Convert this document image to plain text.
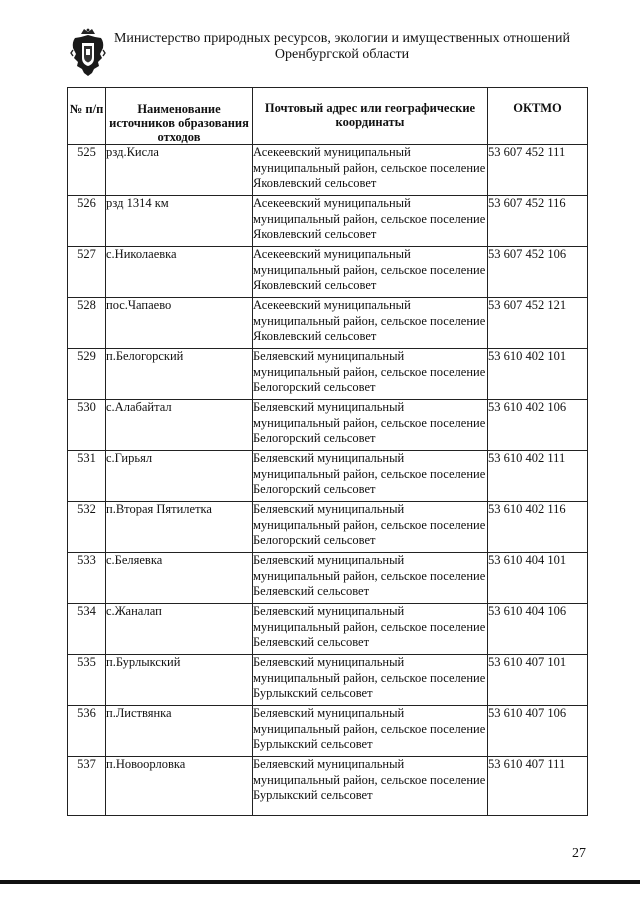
Министерство природных ресурсов, экологии и имущественных отношений
Оренбургской области
№ п/п	Наименование источников образования отходов	Почтовый адрес или географические координаты	ОКТМО

525	рзд.Кисла	Асекеевский муниципальный муниципальный район, сельское поселение Яковлевский сельсовет	53 607 452 111
526	рзд 1314 км	Асекеевский муниципальный муниципальный район, сельское поселение Яковлевский сельсовет	53 607 452 116
527	с.Николаевка	Асекеевский муниципальный муниципальный район, сельское поселение Яковлевский сельсовет	53 607 452 106
528	пос.Чапаево	Асекеевский муниципальный муниципальный район, сельское поселение Яковлевский сельсовет	53 607 452 121
529	п.Белогорский	Беляевский муниципальный муниципальный район, сельское поселение Белогорский сельсовет	53 610 402 101
530	с.Алабайтал	Беляевский муниципальный муниципальный район, сельское поселение Белогорский сельсовет	53 610 402 106
531	с.Гирьял	Беляевский муниципальный муниципальный район, сельское поселение Белогорский сельсовет	53 610 402 111
532	п.Вторая Пятилетка	Беляевский муниципальный муниципальный район, сельское поселение Белогорский сельсовет	53 610 402 116
533	с.Беляевка	Беляевский муниципальный муниципальный район, сельское поселение Беляевский сельсовет	53 610 404 101
534	с.Жаналап	Беляевский муниципальный муниципальный район, сельское поселение Беляевский сельсовет	53 610 404 106
535	п.Бурлыкский	Беляевский муниципальный муниципальный район, сельское поселение Бурлыкский сельсовет	53 610 407 101
536	п.Листвянка	Беляевский муниципальный муниципальный район, сельское поселение Бурлыкский сельсовет	53 610 407 106
537	п.Новоорловка	Беляевский муниципальный муниципальный район, сельское поселение Бурлыкский сельсовет	53 610 407 111
27
